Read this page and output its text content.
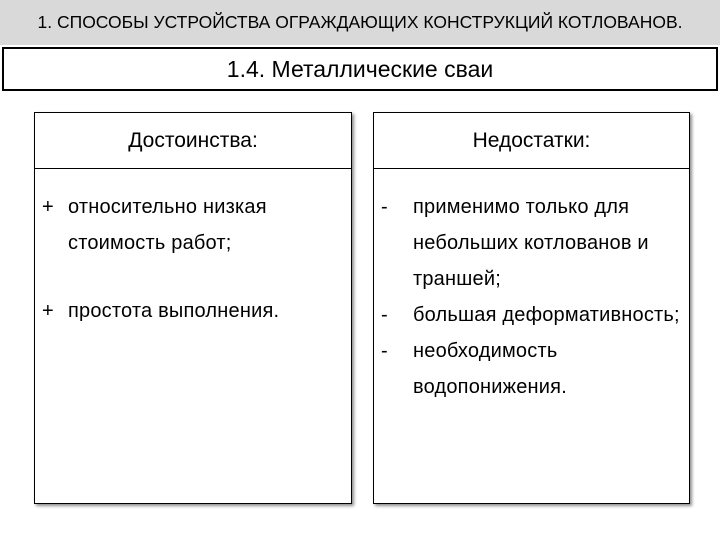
1. СПОСОБЫ УСТРОЙСТВА ОГРАЖДАЮЩИХ КОНСТРУКЦИЙ КОТЛОВАНОВ.
1.4. Металлические сваи
Достоинства:
+ относительно низкая стоимость работ;
+ простота выполнения.
Недостатки:
- применимо только для небольших котлованов и траншей;
- большая деформативность;
- необходимость водопонижения.
